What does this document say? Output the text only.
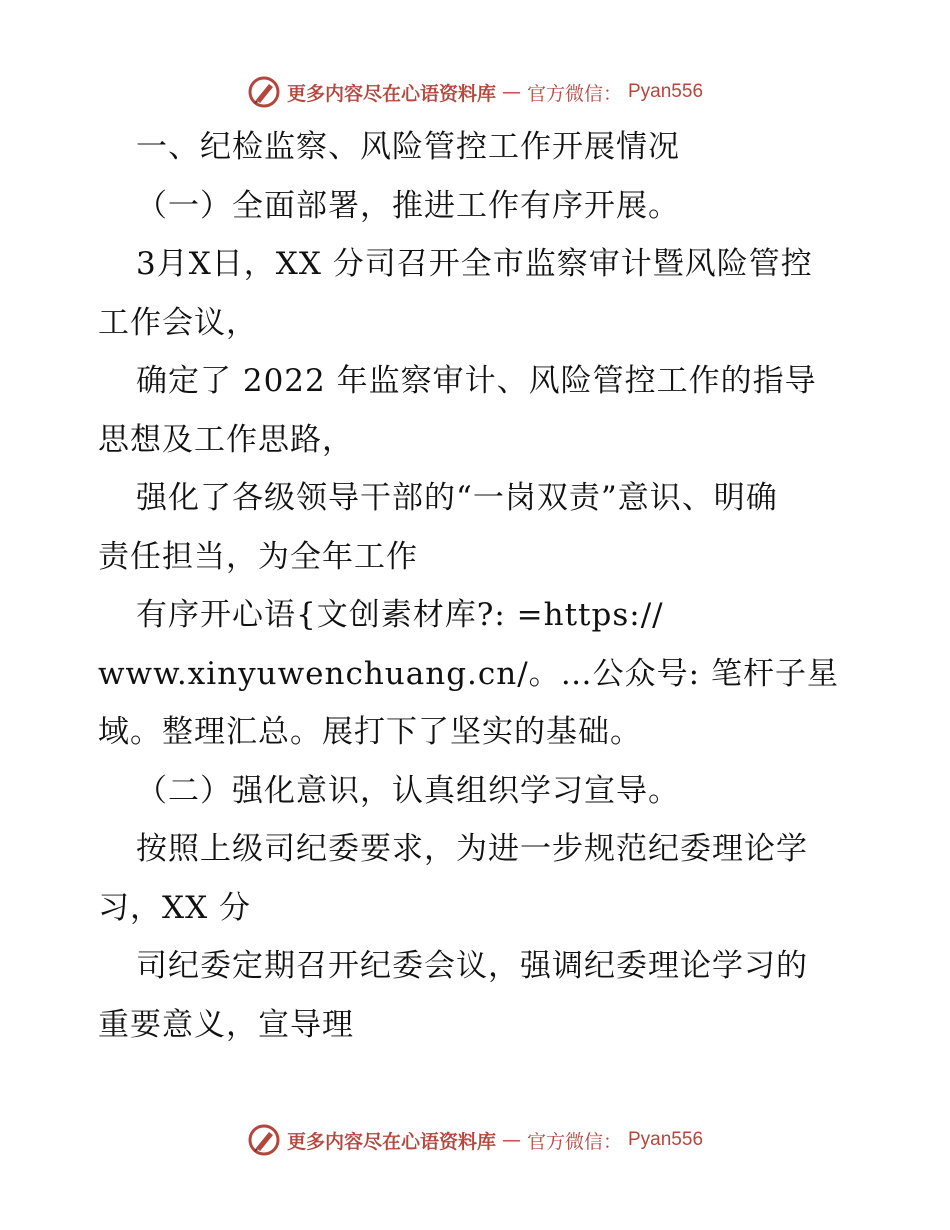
更多内容尽在心语资料库 — 官方微信： Pyan556
一、纪检监察、风险管控工作开展情况
（一）全面部署，推进工作有序开展。
3月X日，XX 分司召开全市监察审计暨风险管控
工作会议，
确定了 2022 年监察审计、风险管控工作的指导
思想及工作思路，
强化了各级领导干部的“一岗双责”意识、明确
责任担当，为全年工作
有序开心语{文创素材库?: =https://
www.xinyuwenchuang.cn/。…公众号: 笔杆子星
域。整理汇总。展打下了坚实的基础。
（二）强化意识，认真组织学习宣导。
按照上级司纪委要求，为进一步规范纪委理论学
习，XX 分
司纪委定期召开纪委会议，强调纪委理论学习的
重要意义，宣导理
更多内容尽在心语资料库 — 官方微信： Pyan556
